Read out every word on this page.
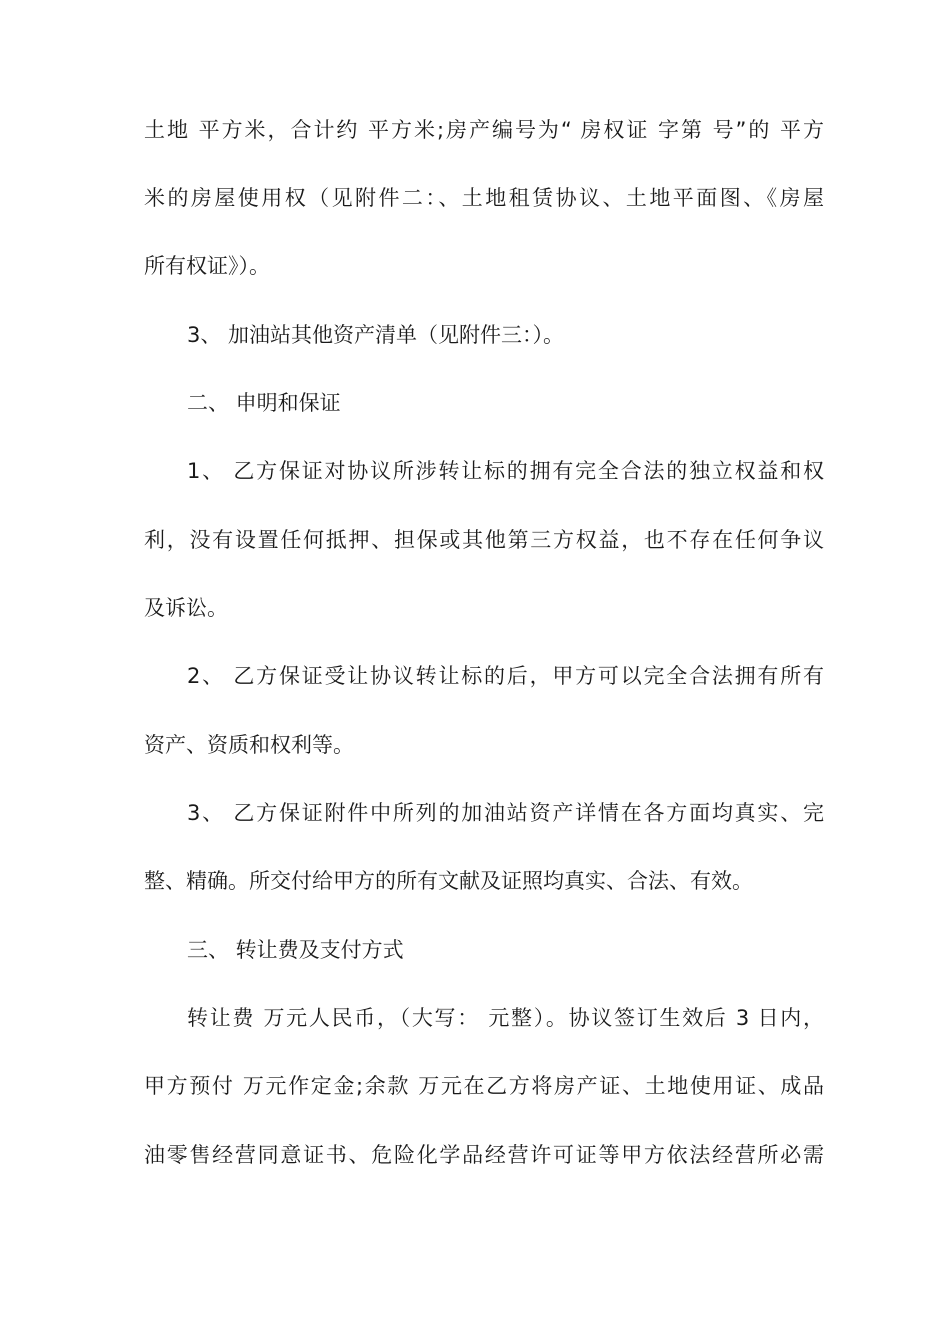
土地 平方米，合计约 平方米;房产编号为“ 房权证 字第 号”的 平方
米的房屋使用权（见附件二：、土地租赁协议、土地平面图、《房屋
所有权证》）。
3、 加油站其他资产清单（见附件三：）。
二、 申明和保证
1、 乙方保证对协议所涉转让标的拥有完全合法的独立权益和权
利，没有设置任何抵押、担保或其他第三方权益，也不存在任何争议
及诉讼。
2、 乙方保证受让协议转让标的后，甲方可以完全合法拥有所有
资产、资质和权利等。
3、 乙方保证附件中所列的加油站资产详情在各方面均真实、完
整、精确。所交付给甲方的所有文献及证照均真实、合法、有效。
三、 转让费及支付方式
转让费 万元人民币，（大写： 元整）。协议签订生效后 3 日内，
甲方预付 万元作定金;余款 万元在乙方将房产证、土地使用证、成品
油零售经营同意证书、危险化学品经营许可证等甲方依法经营所必需
